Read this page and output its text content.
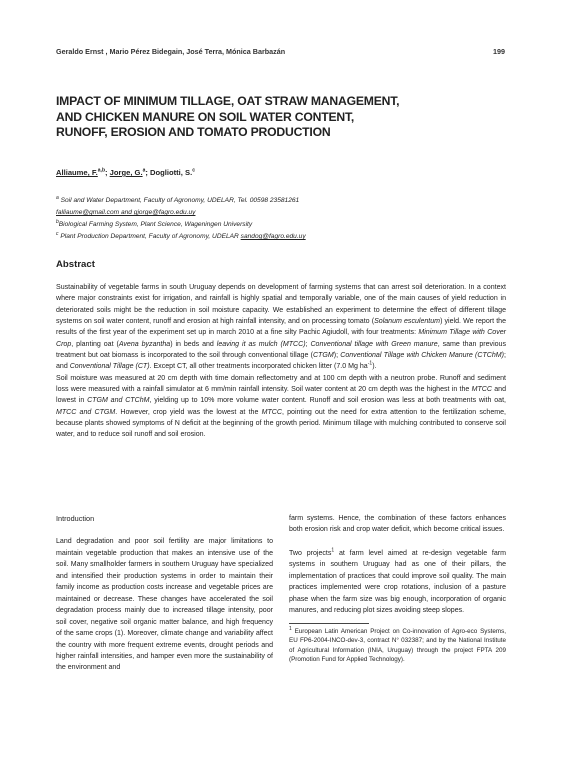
Geraldo Ernst , Mario Pérez Bidegain, José Terra, Mónica Barbazán	199
IMPACT OF MINIMUM TILLAGE, OAT STRAW MANAGEMENT,
AND CHICKEN MANURE ON SOIL WATER CONTENT,
RUNOFF, EROSION AND TOMATO PRODUCTION
Alliaume, F.$^{a,b}$; Jorge, G.$^a$; Dogliotti, S.$^c$
$^a$ Soil and Water Department, Faculty of Agronomy, UDELAR, Tel. 00598 23581261
falliaume@gmail.com and gjorge@fagro.edu.uy
$^b$Biological Farming System, Plant Science, Wageningen University
$^c$ Plant Production Department, Faculty of Agronomy, UDELAR sandog@fagro.edu.uy
Abstract

Sustainability of vegetable farms in south Uruguay depends on development of farming systems that can arrest soil deterioration. In a context where major constraints exist for irrigation, and rainfall is highly spatial and temporally variable, one of the main causes of yield reduction in deteriorated soils might be the reduction in soil moisture capacity. We established an experiment to determine the effect of different tillage systems on soil water content, runoff and erosion at high rainfall intensity, and on processing tomato (Solanum esculentum) yield. We report the results of the first year of the experiment set up in march 2010 at a fine silty Pachic Agiudoll, with four treatments: Minimum Tillage with Cover Crop, planting oat (Avena byzantha) in beds and leaving it as mulch (MTCC); Conventional tillage with Green manure, same than previous treatment but oat biomass is incorporated to the soil through conventional tillage (CTGM); Conventional Tillage with Chicken Manure (CTChM); and Conventional Tillage (CT). Except CT, all other treatments incorporated chicken litter (7.0 Mg $ha^{-1}$).

Soil moisture was measured at 20 cm depth with time domain reflectometry and at 100 cm depth with a neutron probe. Runoff and sediment loss were measured with a rainfall simulator at 6 mm/min rainfall intensity. Soil water content at 20 cm depth was the highest in the MTCC and lowest in CTGM and CTChM, yielding up to 10% more volume water content. Runoff and soil erosion was less at both treatments with oat, MTCC and CTGM. However, crop yield was the lowest at the MTCC, pointing out the need for extra attention to the fertilization scheme, because plants showed symptoms of N deficit at the beginning of the growth period. Minimum tillage with mulching contributed to conserve soil water, and to reduce soil runoff and soil erosion.

Introduction

Land degradation and poor soil fertility are major limitations to maintain vegetable production that makes an intensive use of the soil. Many smallholder farmers in southern Uruguay have specialized and intensified their production systems in order to maintain their family income as production costs increase and vegetable prices are maintained or decrease. These changes have accelerated the soil degradation process mainly due to increased tillage intensity, poor soil cover, negative soil organic matter balance, and high frequency of the same crops (1). Moreover, climate change and variability affect the country with more frequent extreme events, drought periods and higher rainfall intensities, and hamper even more the sustainability of the environment and

farm systems. Hence, the combination of these factors enhances both erosion risk and crop water deficit, which become critical issues.

Two projects$^1$ at farm level aimed at re-design vegetable farm systems in southern Uruguay had as one of their pillars, the implementation of practices that could improve soil quality. The main practices implemented were crop rotations, inclusion of a pasture phase when the farm size was big enough, incorporation of organic manures, and reducing plot sizes avoiding steep slopes.

$^1$ European Latin American Project on Co-innovation of Agro-eco Systems, EU FP6-2004-INCO-dev-3, contract N° 032387; and by the National Institute of Agricultural Information (INIA, Uruguay) through the project FPTA 209 (Promotion Fund for Applied Technology).
